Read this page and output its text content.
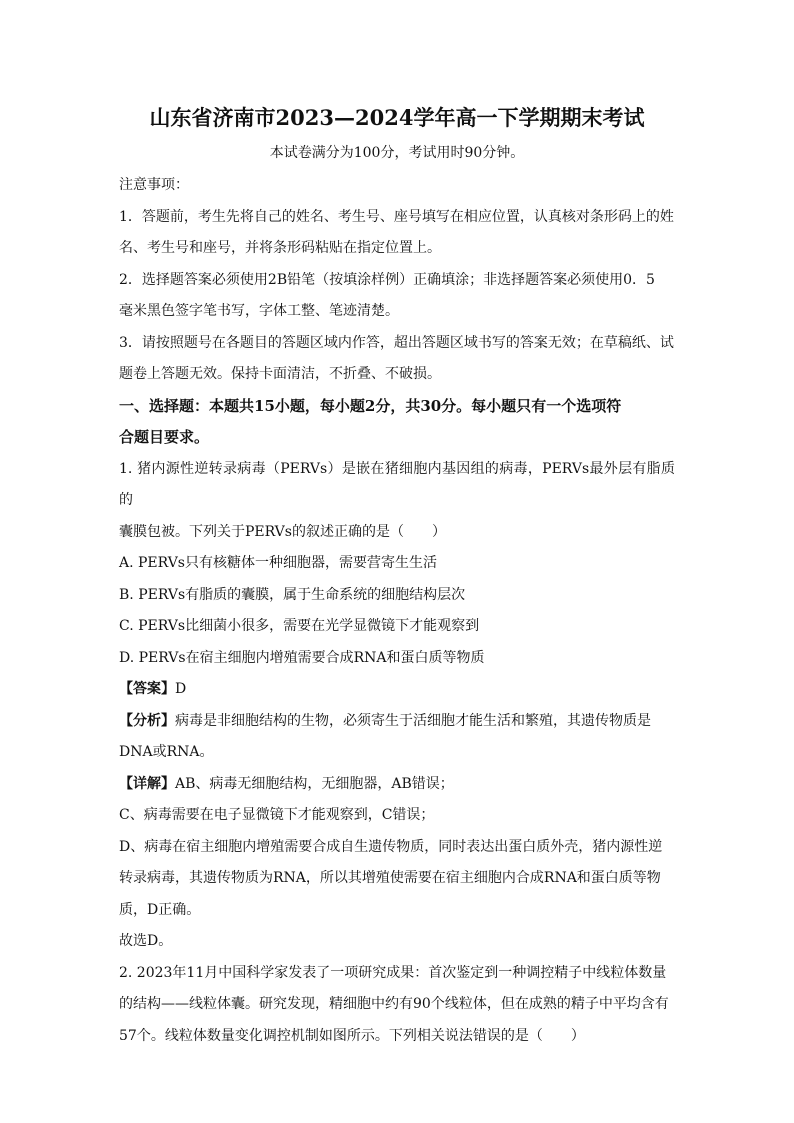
山东省济南市2023—2024学年高一下学期期末考试
本试卷满分为100分，考试用时90分钟。

注意事项：

1．答题前，考生先将自己的姓名、考生号、座号填写在相应位置，认真核对条形码上的姓

名、考生号和座号，并将条形码粘贴在指定位置上。

2．选择题答案必须使用2B铅笔（按填涂样例）正确填涂；非选择题答案必须使用0．5

毫米黑色签字笔书写，字体工整、笔迹清楚。

3．请按照题号在各题目的答题区域内作答，超出答题区域书写的答案无效；在草稿纸、试

题卷上答题无效。保持卡面清洁，不折叠、不破损。

一、选择题：本题共15小题，每小题2分，共30分。每小题只有一个选项符

合题目要求。

1. 猪内源性逆转录病毒（PERVs）是嵌在猪细胞内基因组的病毒，PERVs最外层有脂质的

囊膜包被。下列关于PERVs的叙述正确的是（　　）

A. PERVs只有核糖体一种细胞器，需要营寄生生活

B. PERVs有脂质的囊膜，属于生命系统的细胞结构层次

C. PERVs比细菌小很多，需要在光学显微镜下才能观察到

D. PERVs在宿主细胞内增殖需要合成RNA和蛋白质等物质

【答案】D

【分析】病毒是非细胞结构的生物，必须寄生于活细胞才能生活和繁殖，其遗传物质是

DNA或RNA。

【详解】AB、病毒无细胞结构，无细胞器，AB错误；

C、病毒需要在电子显微镜下才能观察到，C错误；

D、病毒在宿主细胞内增殖需要合成自生遗传物质，同时表达出蛋白质外壳，猪内源性逆

转录病毒，其遗传物质为RNA，所以其增殖使需要在宿主细胞内合成RNA和蛋白质等物

质，D正确。

故选D。

2. 2023年11月中国科学家发表了一项研究成果：首次鉴定到一种调控精子中线粒体数量

的结构——线粒体囊。研究发现，精细胞中约有90个线粒体，但在成熟的精子中平均含有

57个。线粒体数量变化调控机制如图所示。下列相关说法错误的是（　　）
